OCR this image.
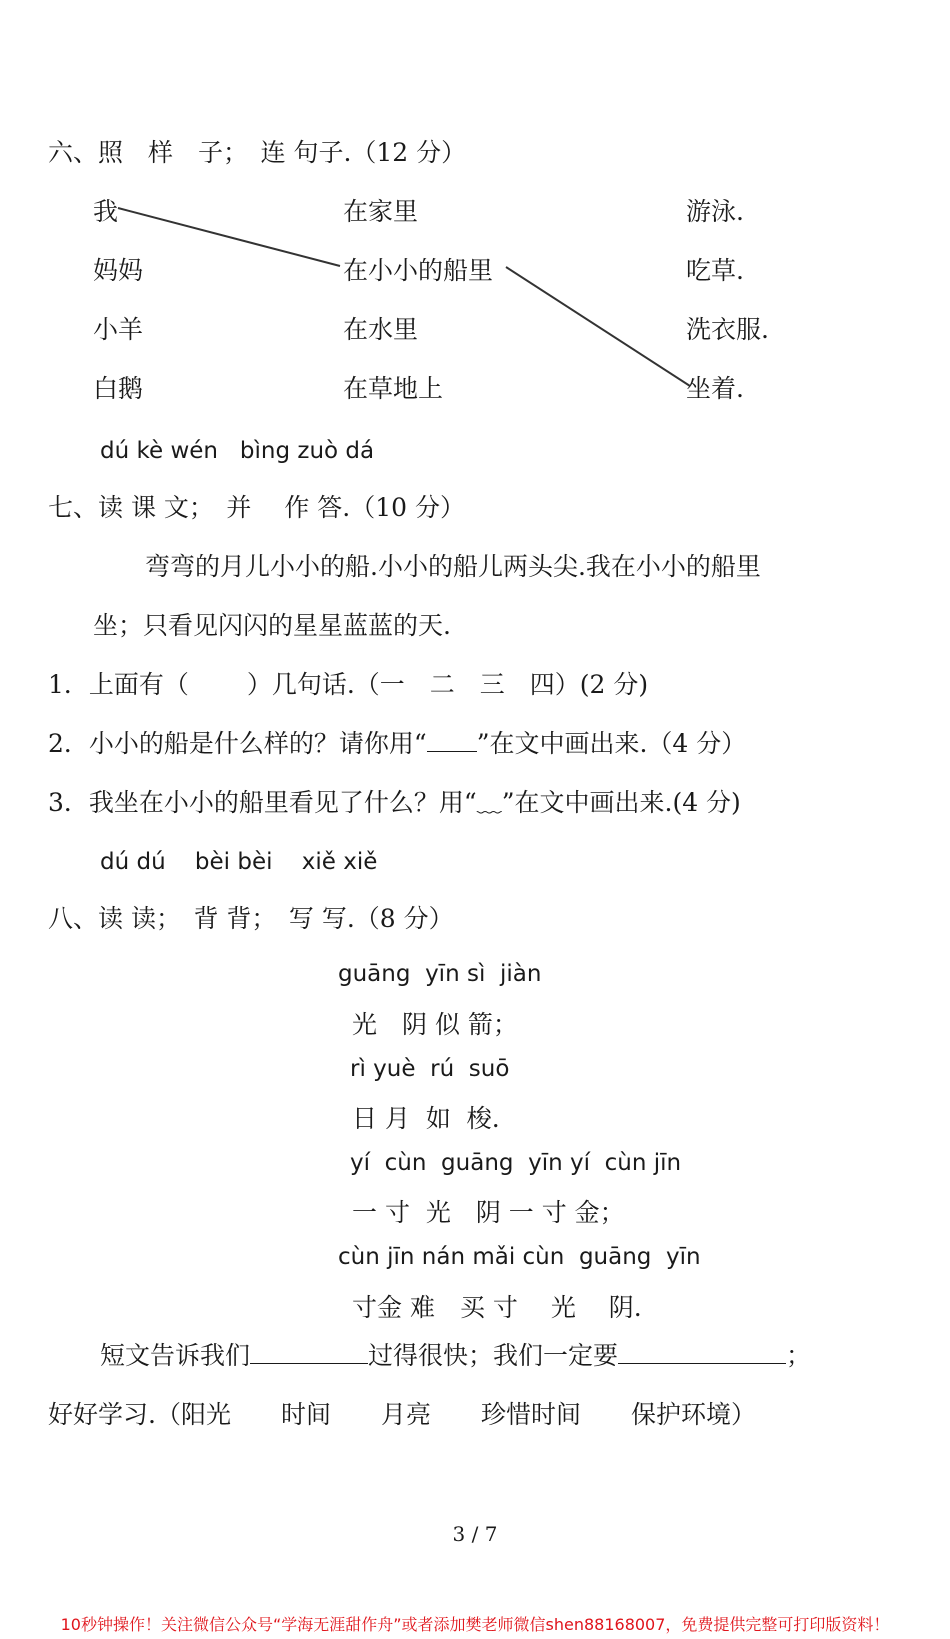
六、照　样　子；　连 句子.（12 分）
我
妈妈
小羊
白鹅
在家里
在小小的船里
在水里
在草地上
游泳.
吃草.
洗衣服.
坐着.
dú kè wén   bìng zuò dá
七、读 课 文；　并　 作 答.（10 分）
弯弯的月儿小小的船.小小的船儿两头尖.我在小小的船里
坐；只看见闪闪的星星蓝蓝的天.
1．上面有（　　 ）几句话.（一　二　三　四）(2 分)
2．小小的船是什么样的？请你用“ ”在文中画出来.（4 分）
3．我坐在小小的船里看见了什么？用“﹏”在文中画出来.(4 分)
dú dú    bèi bèi    xiě xiě
八、读 读；　背 背；　写 写.（8 分）
guāng  yīn sì  jiàn
光　阴 似 箭；
rì yuè  rú  suō
日 月  如  梭.
yí  cùn  guāng  yīn yí  cùn jīn
一 寸  光　阴 一 寸 金；
cùn jīn nán mǎi cùn  guāng  yīn
寸金 难　买 寸　 光　 阴.
短文告诉我们	过得很快；我们一定要	；
好好学习.（阳光　　时间　　月亮　　珍惜时间　　保护环境）
3 / 7
10秒钟操作！关注微信公众号“学海无涯甜作舟”或者添加樊老师微信shen88168007，免费提供完整可打印版资料！
